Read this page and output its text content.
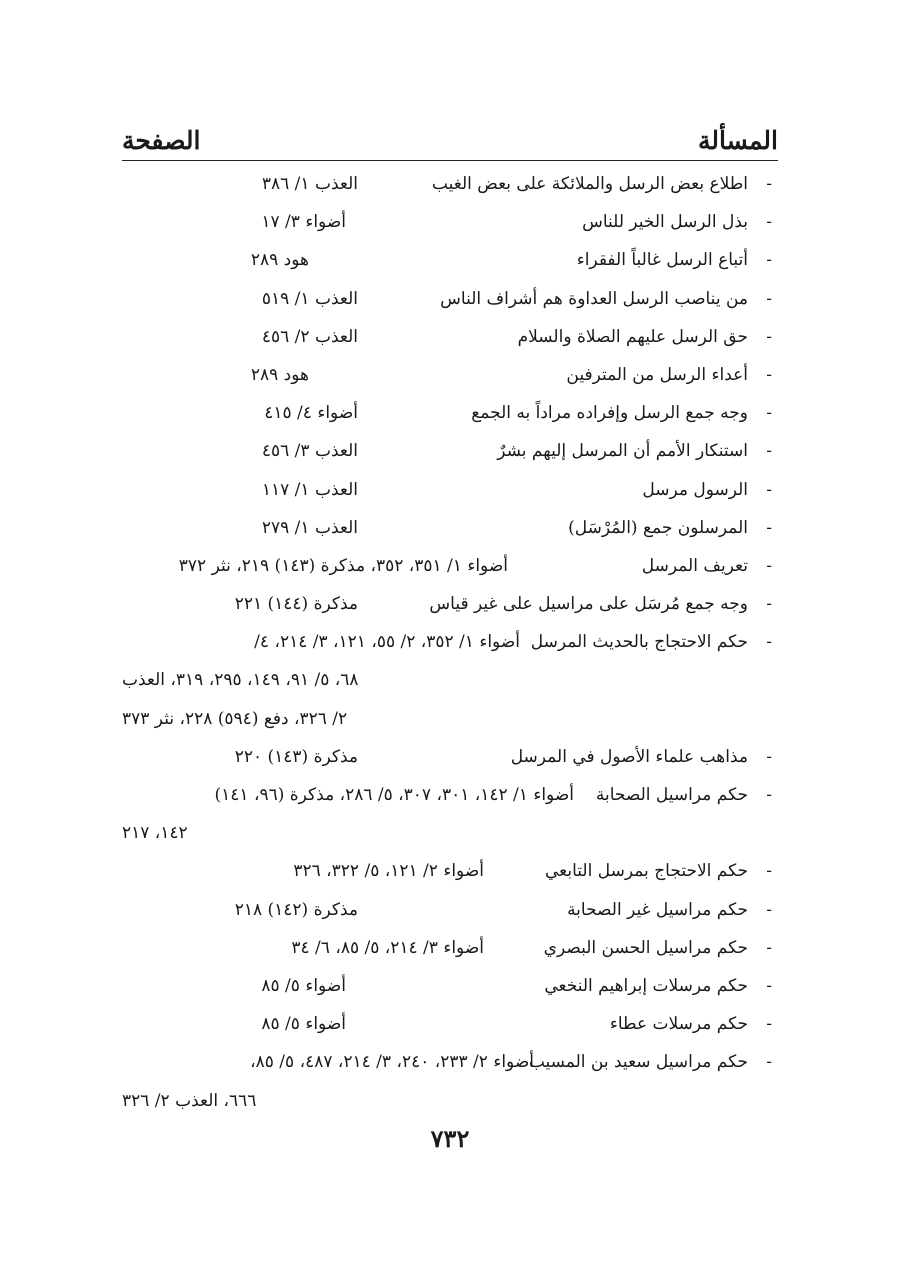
المسألة
الصفحة
-
اطلاع بعض الرسل والملائكة على بعض الغيب
العذب ١/ ٣٨٦
-
بذل الرسل الخير للناس
أضواء ٣/ ١٧
-
أتباع الرسل غالباً الفقراء
هود ٢٨٩
-
من يناصب الرسل العداوة هم أشراف الناس
العذب ١/ ٥١٩
-
حق الرسل عليهم الصلاة والسلام
العذب ٢/ ٤٥٦
-
أعداء الرسل من المترفين
هود ٢٨٩
-
وجه جمع الرسل وإفراده مراداً به الجمع
أضواء ٤/ ٤١٥
-
استنكار الأمم أن المرسل إليهم بشرٌ
العذب ٣/ ٤٥٦
-
الرسول مرسل
العذب ١/ ١١٧
-
المرسلون جمع (المُرْسَل)
العذب ١/ ٢٧٩
-
تعريف المرسل
أضواء ١/ ٣٥١، ٣٥٢، مذكرة (١٤٣) ٢١٩، نثر ٣٧٢
-
وجه جمع مُرسَل على مراسيل على غير قياس
مذكرة (١٤٤) ٢٢١
-
حكم الاحتجاج بالحديث المرسل
أضواء ١/ ٣٥٢، ٢/ ٥٥، ١٢١، ٣/ ٢١٤، ٤/
٦٨، ٥/ ٩١، ١٤٩، ٢٩٥، ٣١٩، العذب
٢/ ٣٢٦، دفع (٥٩٤) ٢٢٨، نثر ٣٧٣
-
مذاهب علماء الأصول في المرسل
مذكرة (١٤٣) ٢٢٠
-
حكم مراسيل الصحابة
أضواء ١/ ١٤٢، ٣٠١، ٣٠٧، ٥/ ٢٨٦، مذكرة (٩٦، ١٤١)
١٤٢، ٢١٧
-
حكم الاحتجاج بمرسل التابعي
أضواء ٢/ ١٢١، ٥/ ٣٢٢، ٣٢٦
-
حكم مراسيل غير الصحابة
مذكرة (١٤٢) ٢١٨
-
حكم مراسيل الحسن البصري
أضواء ٣/ ٢١٤، ٥/ ٨٥، ٦/ ٣٤
-
حكم مرسلات إبراهيم النخعي
أضواء ٥/ ٨٥
-
حكم مرسلات عطاء
أضواء ٥/ ٨٥
-
حكم مراسيل سعيد بن المسيب
أضواء ٢/ ٢٣٣، ٢٤٠، ٣/ ٢١٤، ٤٨٧، ٥/ ٨٥،
٦٦٦، العذب ٢/ ٣٢٦
٧٣٢
